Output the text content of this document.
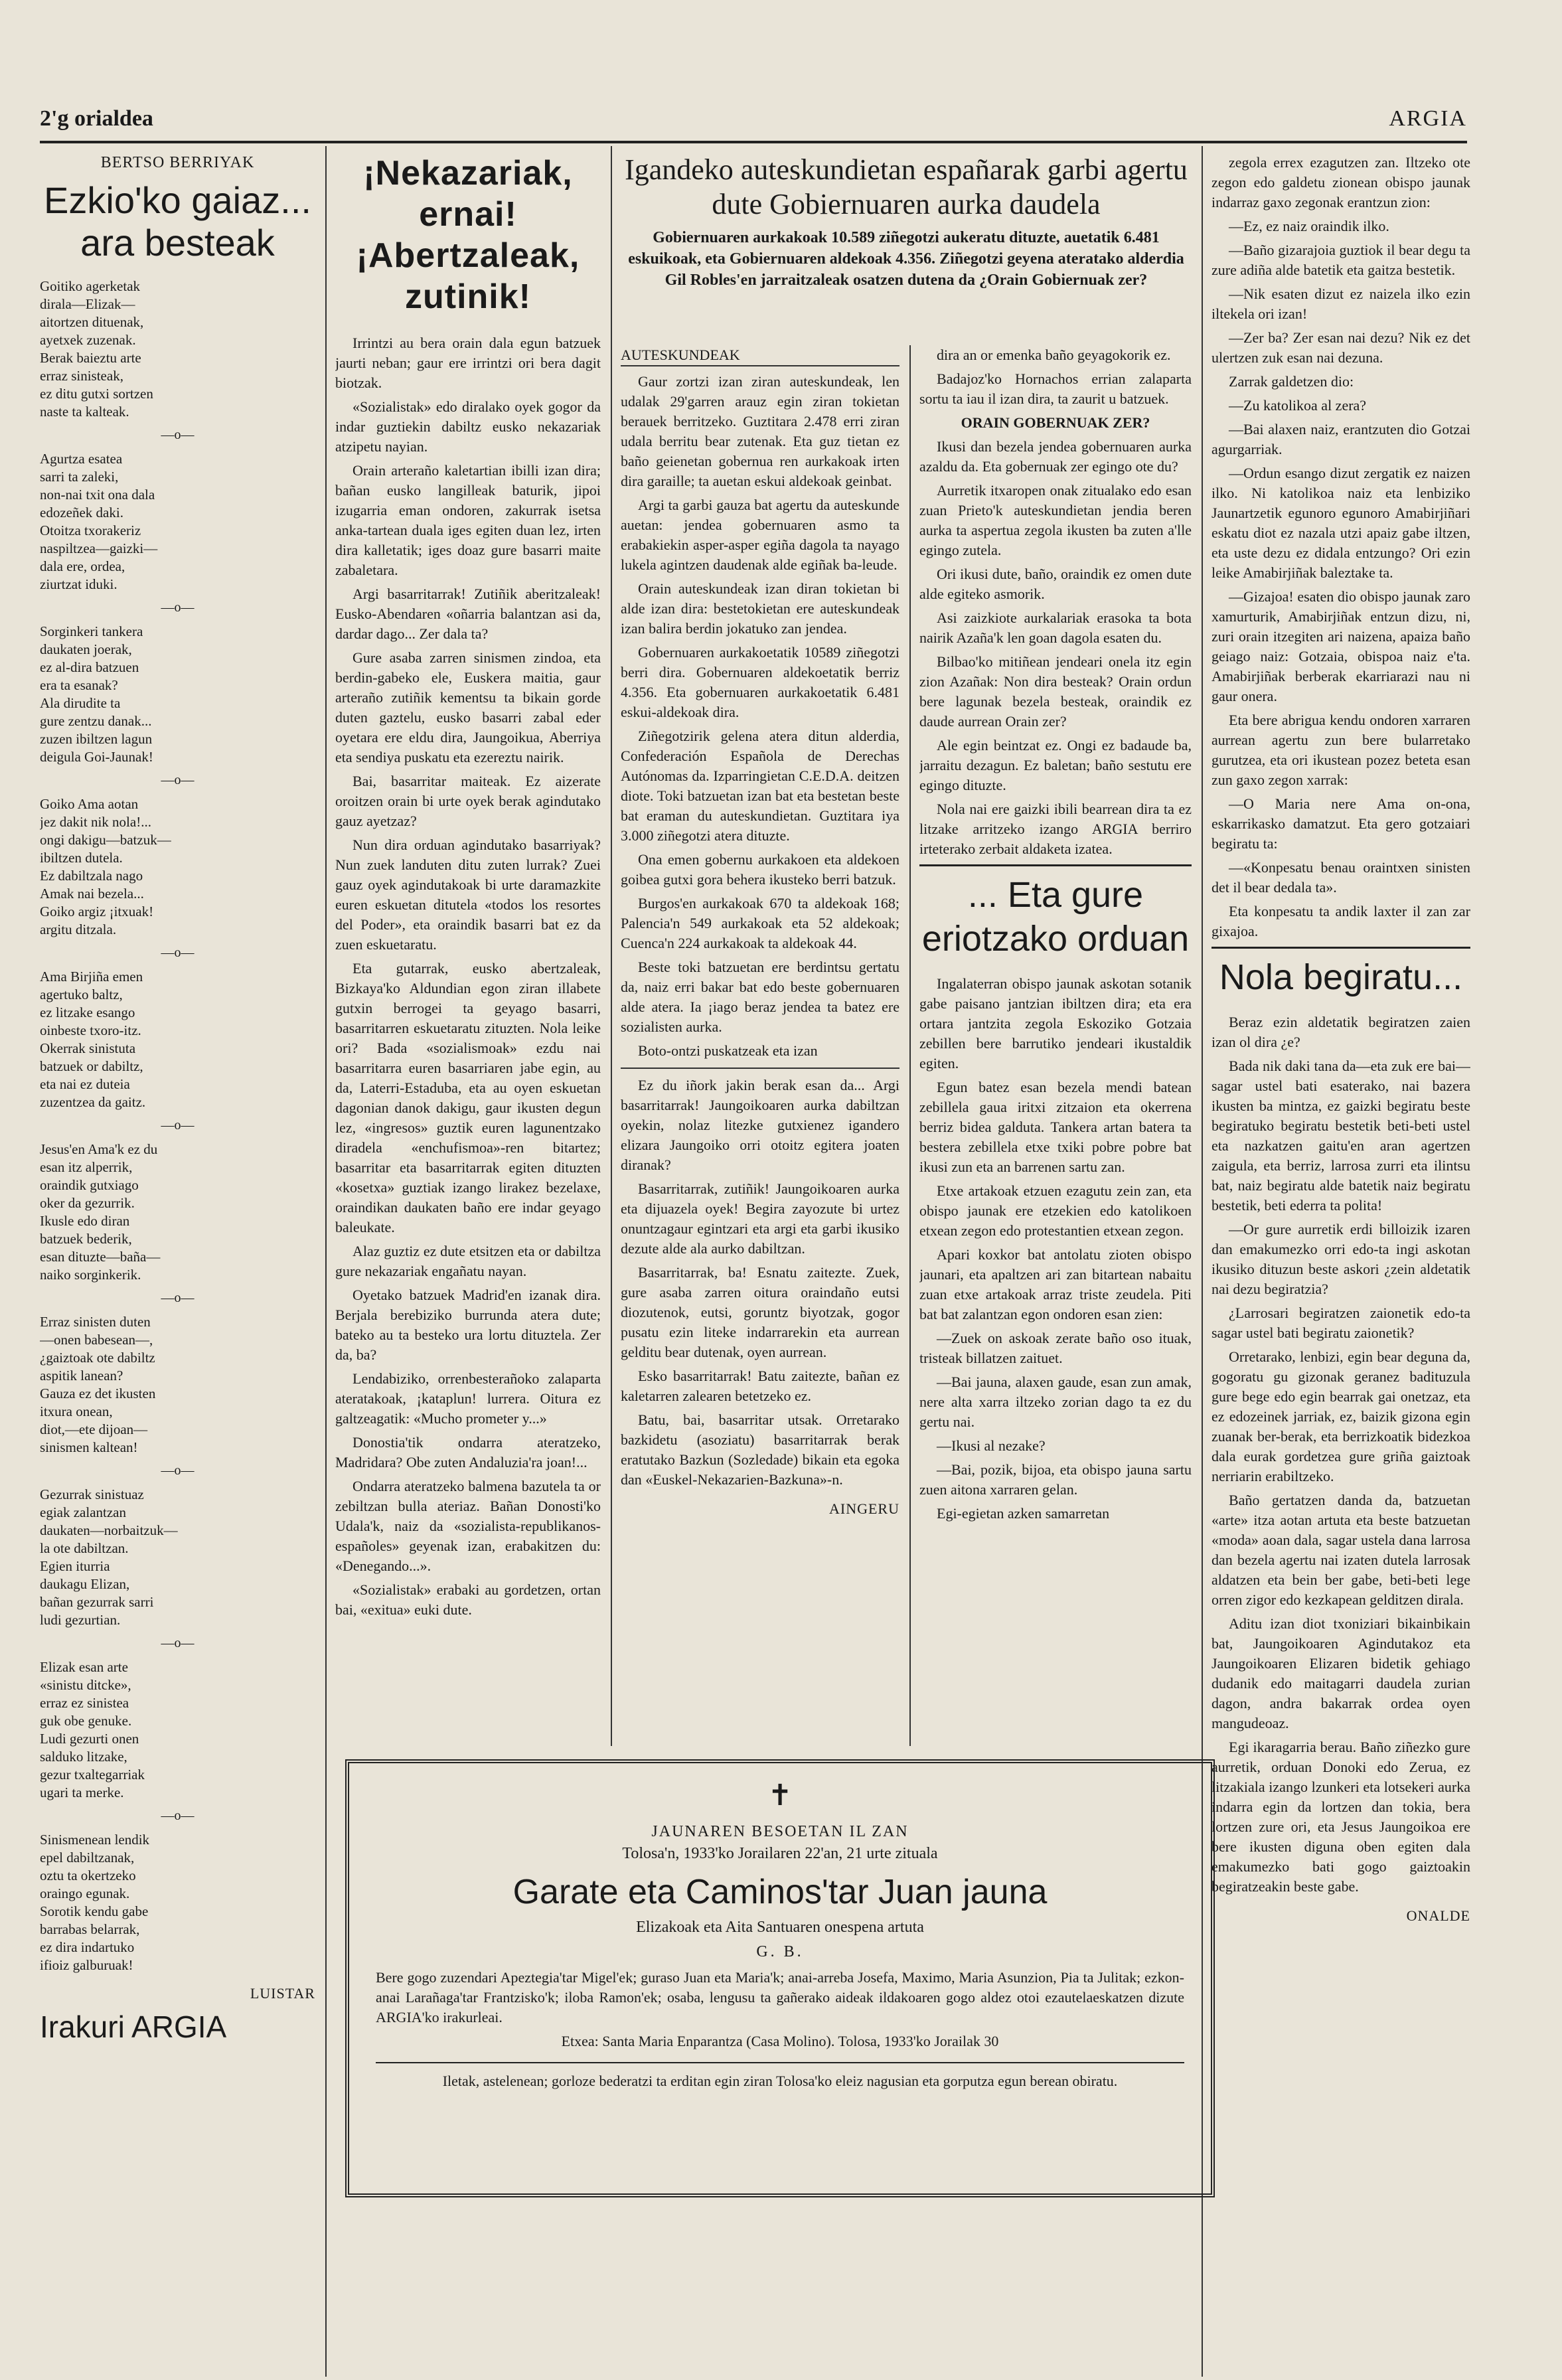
2'g orialdea	ARGIA
BERTSO BERRIYAK
Ezkio'ko gaiaz... ara besteak
Goitiko agerketak
dirala—Elizak—
aitortzen dituenak,
ayetxek zuzenak.
Berak baieztu arte
erraz sinisteak,
ez ditu gutxi sortzen
naste ta kalteak.
—o—
Agurtza esatea
sarri ta zaleki,
non-nai txit ona dala
edozeñek daki.
Otoitza txorakeriz
naspiltzea—gaizki—
dala ere, ordea,
ziurtzat iduki.
—o—
Sorginkeri tankera
daukaten joerak,
ez al-dira batzuen
era ta esanak?
Ala dirudite ta
gure zentzu danak...
zuzen ibiltzen lagun
deigula Goi-Jaunak!
—o—
Goiko Ama aotan
jez dakit nik nola!...
ongi dakigu—batzuk—
ibiltzen dutela.
Ez dabiltzala nago
Amak nai bezela...
Goiko argiz ¡itxuak!
argitu ditzala.
—o—
Ama Birjiña emen
agertuko baltz,
ez litzake esango
oinbeste txoro-itz.
Okerrak sinistuta
batzuek or dabiltz,
eta nai ez duteia
zuzentzea da gaitz.
—o—
Jesus'en Ama'k ez du
esan itz alperrik,
oraindik gutxiago
oker da gezurrik.
Ikusle edo diran
batzuek bederik,
esan dituzte—baña—
naiko sorginkerik.
—o—
Erraz sinisten duten
—onen babesean—,
¿gaiztoak ote dabiltz
aspitik lanean?
Gauza ez det ikusten
itxura onean,
diot,—ete dijoan—
sinismen kaltean!
—o—
Gezurrak sinistuaz
egiak zalantzan
daukaten—norbaitzuk—
la ote dabiltzan.
Egien iturria
daukagu Elizan,
bañan gezurrak sarri
ludi gezurtian.
—o—
Elizak esan arte
«sinistu ditcke»,
erraz ez sinistea
guk obe genuke.
Ludi gezurti onen
salduko litzake,
gezur txaltegarriak
ugari ta merke.
—o—
Sinismenean lendik
epel dabiltzanak,
oztu ta okertzeko
oraingo egunak.
Sorotik kendu gabe
barrabas belarrak,
ez dira indartuko
ifioiz galburuak!
LUISTAR
Irakuri ARGIA
¡Nekazariak, ernai!
¡Abertzaleak, zutinik!

Irrintzi au bera orain dala egun batzuek jaurti neban; gaur ere irrintzi ori bera dagit biotzak.

«Sozialistak» edo diralako oyek gogor da indar guztiekin dabiltz eusko nekazariak atzipetu nayian.

Orain arteraño kaletartian ibilli izan dira; bañan eusko langilleak baturik, jipoi izugarria eman ondoren, zakurrak isetsa anka-tartean duala iges egiten duan lez, irten dira kalletatik; iges doaz gure basarri maite zabaletara.

Argi basarritarrak! Zutiñik aberitzaleak! Eusko-Abendaren «oñarria balantzan asi da, dardar dago... Zer dala ta?

Gure asaba zarren sinismen zindoa, eta berdin-gabeko ele, Euskera maitia, gaur arteraño zutiñik kementsu ta bikain gorde duten gaztelu, eusko basarri zabal eder oyetara ere eldu dira, Jaungoikua, Aberriya eta sendiya puskatu eta ezereztu nairik.

Bai, basarritar maiteak. Ez aizerate oroitzen orain bi urte oyek berak agindutako gauz ayetzaz?

Nun dira orduan agindutako basarriyak? Nun zuek landuten ditu zuten lurrak? Zuei gauz oyek agindutakoak bi urte daramazkite euren eskuetan ditutela «todos los resortes del Poder», eta oraindik basarri bat ez da zuen eskuetaratu.

Eta gutarrak, eusko abertzaleak, Bizkaya'ko Aldundian egon ziran illabete gutxin berrogei ta geyago basarri, basarritarren eskuetaratu zituzten. Nola leike ori? Bada «sozialismoak» ezdu nai basarritarra euren basarriaren jabe egin, au da, Laterri-Estaduba, eta au oyen eskuetan dagonian danok dakigu, gaur ikusten degun lez, «ingresos» guztik euren lagunentzako diradela «enchufismoa»-ren bitartez; basarritar eta basarritarrak egiten dituzten «kosetxa» guztiak izango lirakez bezelaxe, oraindikan daukaten baño ere indar geyago baleukate.

Alaz guztiz ez dute etsitzen eta or dabiltza gure nekazariak engañatu nayan.

Oyetako batzuek Madrid'en izanak dira. Berjala berebiziko burrunda atera dute; bateko au ta besteko ura lortu dituztela. Zer da, ba?

Lendabiziko, orrenbesterañoko zalaparta ateratakoak, ¡kataplun! lurrera. Oitura ez galtzeagatik: «Mucho prometer y...»

Donostia'tik ondarra ateratzeko, Madridara? Obe zuten Andaluzia'ra joan!...

Ondarra ateratzeko balmena bazutela ta or zebiltzan bulla ateriaz. Bañan Donosti'ko Udala'k, naiz da «sozialista-republikanos-españoles» geyenak izan, erabakitzen du: «Denegando...».

«Sozialistak» erabaki au gordetzen, ortan bai, «exitua» euki dute.

Igandeko auteskundietan españarak garbi agertu dute Gobiernuaren aurka daudela
Gobiernuaren aurkakoak 10.589 ziñegotzi aukeratu dituzte, auetatik 6.481 eskuikoak, eta Gobiernuaren aldekoak 4.356. Ziñegotzi geyena ateratako alderdia Gil Robles'en jarraitzaleak osatzen dutena da ¿Orain Gobiernuak zer?
AUTESKUNDEAK

Gaur zortzi izan ziran auteskundeak, len udalak 29'garren arauz egin ziran tokietan berauek berritzeko. Guztitara 2.478 erri ziran udala berritu bear zutenak. Eta guz tietan ez baño geienetan gobernua ren aurkakoak irten dira garaille; ta auetan eskui aldekoak geinbat.

Argi ta garbi gauza bat agertu da auteskunde auetan: jendea gobernuaren asmo ta erabakiekin asper-asper egiña dagola ta nayago lukela agintzen daudenak alde egiñak ba-leude.

Orain auteskundeak izan diran tokietan bi alde izan dira: bestetokietan ere auteskundeak izan balira berdin jokatuko zan jendea.

Gobernuaren aurkakoetatik 10589 ziñegotzi berri dira. Gobernuaren aldekoetatik berriz 4.356. Eta gobernuaren aurkakoetatik 6.481 eskui-aldekoak dira.

Ziñegotzirik gelena atera ditun alderdia, Confederación Española de Derechas Autónomas da. Izparringietan C.E.D.A. deitzen diote. Toki batzuetan izan bat eta bestetan beste bat eraman du auteskundietan. Guztitara iya 3.000 ziñegotzi atera dituzte.

Ona emen gobernu aurkakoen eta aldekoen goibea gutxi gora behera ikusteko berri batzuk.

Burgos'en aurkakoak 670 ta aldekoak 168; Palencia'n 549 aurkakoak eta 52 aldekoak; Cuenca'n 224 aurkakoak ta aldekoak 44.

Beste toki batzuetan ere berdintsu gertatu da, naiz erri bakar bat edo beste gobernuaren alde atera. Ia ¡iago beraz jendea ta batez ere sozialisten aurka.

Boto-ontzi puskatzeak eta izan

Ez du iñork jakin berak esan da... Argi basarritarrak! Jaungoikoaren aurka dabiltzan oyekin, nolaz litezke gutxienez igandero elizara Jaungoiko orri otoitz egitera joaten diranak?

Basarritarrak, zutiñik! Jaungoikoaren aurka eta dijuazela oyek! Begira zayozute bi urtez onuntzagaur egintzari eta argi eta garbi ikusiko dezute alde ala aurko dabiltzan.

Basarritarrak, ba! Esnatu zaitezte. Zuek, gure asaba zarren oitura oraindaño eutsi diozutenok, eutsi, goruntz biyotzak, gogor pusatu ezin liteke indarrarekin eta aurrean gelditu bear dutenak, oyen aurrean.

Esko basarritarrak! Batu zaitezte, bañan ez kaletarren zalearen betetzeko ez.

Batu, bai, basarritar utsak. Orretarako bazkidetu (asoziatu) basarritarrak berak eratutako Bazkun (Sozledade) bikain eta egoka dan «Euskel-Nekazarien-Bazkuna»-n.

AINGERU

dira an or emenka baño geyagokorik ez.

Badajoz'ko Hornachos errian zalaparta sortu ta iau il izan dira, ta zaurit u batzuek.

ORAIN GOBERNUAK ZER?

Ikusi dan bezela jendea gobernuaren aurka azaldu da. Eta gobernuak zer egingo ote du?

Aurretik itxaropen onak zitualako edo esan zuan Prieto'k auteskundietan jendia beren aurka ta aspertua zegola ikusten ba zuten a'lle egingo zutela.

Ori ikusi dute, baño, oraindik ez omen dute alde egiteko asmorik.

Asi zaizkiote aurkalariak erasoka ta bota nairik Azaña'k len goan dagola esaten du.

Bilbao'ko mitiñean jendeari onela itz egin zion Azañak: Non dira besteak? Orain ordun bere lagunak bezela besteak, oraindik ez daude aurrean Orain zer?

Ale egin beintzat ez. Ongi ez badaude ba, jarraitu dezagun. Ez baletan; baño sestutu ere egingo dituzte.

Nola nai ere gaizki ibili bearrean dira ta ez litzake arritzeko izango ARGIA berriro irteterako zerbait aldaketa izatea.

... Eta gure eriotzako orduan

Ingalaterran obispo jaunak askotan sotanik gabe paisano jantzian ibiltzen dira; eta era ortara jantzita zegola Eskoziko Gotzaia zebillen bere barrutiko jendeari ikustaldik egiten.

Egun batez esan bezela mendi batean zebillela gaua iritxi zitzaion eta okerrena berriz bidea galduta. Tankera artan batera ta bestera zebillela etxe txiki pobre pobre bat ikusi zun eta an barrenen sartu zan.

Etxe artakoak etzuen ezagutu zein zan, eta obispo jaunak ere etzekien edo katolikoen etxean zegon edo protestantien etxean zegon.

Apari koxkor bat antolatu zioten obispo jaunari, eta apaltzen ari zan bitartean nabaitu zuan etxe artakoak arraz triste zeudela. Piti bat bat zalantzan egon ondoren esan zien:

—Zuek on askoak zerate baño oso ituak, tristeak billatzen zaituet.

—Bai jauna, alaxen gaude, esan zun amak, nere alta xarra iltzeko zorian dago ta ez du gertu nai.

—Ikusi al nezake?

—Bai, pozik, bijoa, eta obispo jauna sartu zuen aitona xarraren gelan.

Egi-egietan azken samarretan

zegola errex ezagutzen zan. Iltzeko ote zegon edo galdetu zionean obispo jaunak indarraz gaxo zegonak erantzun zion:

—Ez, ez naiz oraindik ilko.

—Baño gizarajoia guztiok il bear degu ta zure adiña alde batetik eta gaitza bestetik.

—Nik esaten dizut ez naizela ilko ezin iltekela ori izan!

—Zer ba? Zer esan nai dezu? Nik ez det ulertzen zuk esan nai dezuna.

Zarrak galdetzen dio:

—Zu katolikoa al zera?

—Bai alaxen naiz, erantzuten dio Gotzai agurgarriak.

—Ordun esango dizut zergatik ez naizen ilko. Ni katolikoa naiz eta lenbiziko Jaunartzetik egunoro egunoro Amabirjiñari eskatu diot ez nazala utzi apaiz gabe iltzen, eta uste dezu ez didala entzungo? Ori ezin leike Amabirjiñak baleztake ta.

—Gizajoa! esaten dio obispo jaunak zaro xamurturik, Amabirjiñak entzun dizu, ni, zuri orain itzegiten ari naizena, apaiza baño geiago naiz: Gotzaia, obispoa naiz e'ta. Amabirjiñak berberak ekarriarazi nau ni gaur onera.

Eta bere abrigua kendu ondoren xarraren aurrean agertu zun bere bularretako gurutzea, eta ori ikustean pozez beteta esan zun gaxo zegon xarrak:

—O Maria nere Ama on-ona, eskarrikasko damatzut. Eta gero gotzaiari begiratu ta:

—«Konpesatu benau oraintxen sinisten det il bear dedala ta».

Eta konpesatu ta andik laxter il zan zar gixajoa.

Nola begiratu...

Beraz ezin aldetatik begiratzen zaien izan ol dira ¿e?

Bada nik daki tana da—eta zuk ere bai—sagar ustel bati esaterako, nai bazera ikusten ba mintza, ez gaizki begiratu beste begiratuko begiratu bestetik beti-beti ustel eta nazkatzen gaitu'en aran agertzen zaigula, eta berriz, larrosa zurri eta ilintsu bat, naiz begiratu alde batetik naiz begiratu bestetik, beti ederra ta polita!

—Or gure aurretik erdi billoizik izaren dan emakumezko orri edo-ta ingi askotan ikusiko dituzun beste askori ¿zein aldetatik nai dezu begiratzia?

¿Larrosari begiratzen zaionetik edo-ta sagar ustel bati begiratu zaionetik?

Orretarako, lenbizi, egin bear deguna da, gogoratu gu gizonak geranez badituzula gure bege edo egin bearrak gai onetzaz, eta ez edozeinek jarriak, ez, baizik gizona egin zuanak ber-berak, eta berrizkoatik bidezkoa dala eurak gordetzea gure griña gaiztoak nerriarin erabiltzeko.

Baño gertatzen danda da, batzuetan «arte» itza aotan artuta eta beste batzuetan «moda» aoan dala, sagar ustela dana larrosa dan bezela agertu nai izaten dutela larrosak aldatzen eta bein ber gabe, beti-beti lege orren zigor edo kezkapean gelditzen dirala.

Aditu izan diot txoniziari bikainbikain bat, Jaungoikoaren Agindutakoz eta Jaungoikoaren Elizaren bidetik gehiago dudanik edo maitagarri daudela zurian dagon, andra bakarrak ordea oyen mangudeoaz.

Egi ikaragarria berau. Baño ziñezko gure aurretik, orduan Donoki edo Zerua, ez litzakiala izango lzunkeri eta lotsekeri aurka indarra egin da lortzen dan tokia, bera lortzen zure ori, eta Jesus Jaungoikoa ere bere ikusten diguna oben egiten dala emakumezko bati gogo gaiztoakin begiratzeakin beste gabe.

ONALDE
✝
JAUNAREN BESOETAN IL ZAN
Tolosa'n, 1933'ko Jorailaren 22'an, 21 urte zituala
Garate eta Caminos'tar Juan jauna
Elizakoak eta Aita Santuaren onespena artuta
G. B.
Bere gogo zuzendari Apeztegia'tar Migel'ek; guraso Juan eta Maria'k; anai-arreba Josefa, Maximo, Maria Asunzion, Pia ta Julitak; ezkon-anai Larañaga'tar Frantzisko'k; iloba Ramon'ek; osaba, lengusu ta gañerako aideak ildakoaren gogo aldez otoi ezautelaeskatzen dizute ARGIA'ko irakurleai.
Etxea: Santa Maria Enparantza (Casa Molino). Tolosa, 1933'ko Jorailak 30
Iletak, astelenean; gorloze bederatzi ta erditan egin ziran Tolosa'ko eleiz nagusian eta gorputza egun berean obiratu.
